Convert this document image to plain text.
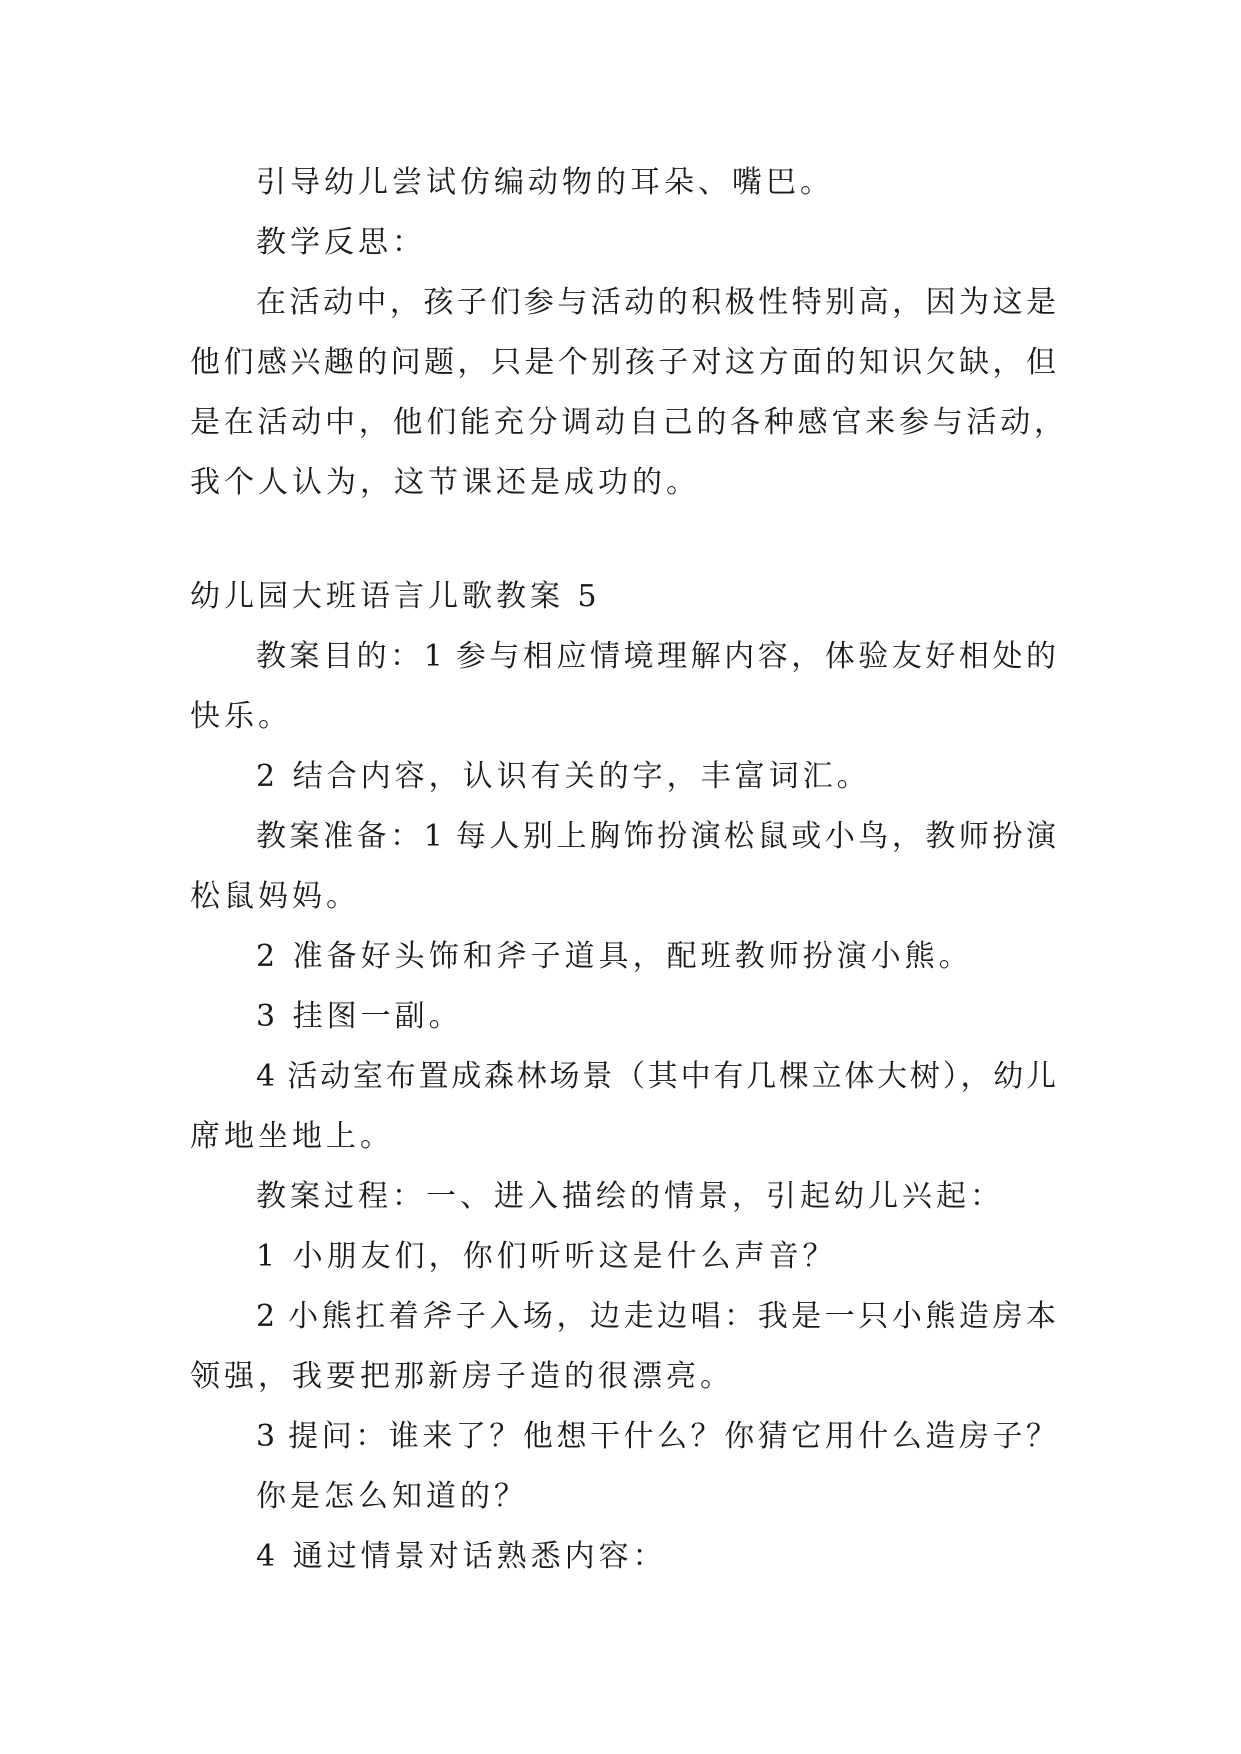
引导幼儿尝试仿编动物的耳朵、嘴巴。
教学反思：
在活动中，孩子们参与活动的积极性特别高，因为这是
他们感兴趣的问题，只是个别孩子对这方面的知识欠缺，但
是在活动中，他们能充分调动自己的各种感官来参与活动，
我个人认为，这节课还是成功的。
幼儿园大班语言儿歌教案 5
教案目的：1 参与相应情境理解内容，体验友好相处的
快乐。
2 结合内容，认识有关的字，丰富词汇。
教案准备：1 每人别上胸饰扮演松鼠或小鸟，教师扮演
松鼠妈妈。
2 准备好头饰和斧子道具，配班教师扮演小熊。
3 挂图一副。
4 活动室布置成森林场景（其中有几棵立体大树），幼儿
席地坐地上。
教案过程：一、进入描绘的情景，引起幼儿兴起：
1 小朋友们，你们听听这是什么声音？
2 小熊扛着斧子入场，边走边唱：我是一只小熊造房本
领强，我要把那新房子造的很漂亮。
3 提问：谁来了？他想干什么？你猜它用什么造房子？
你是怎么知道的？
4 通过情景对话熟悉内容：
